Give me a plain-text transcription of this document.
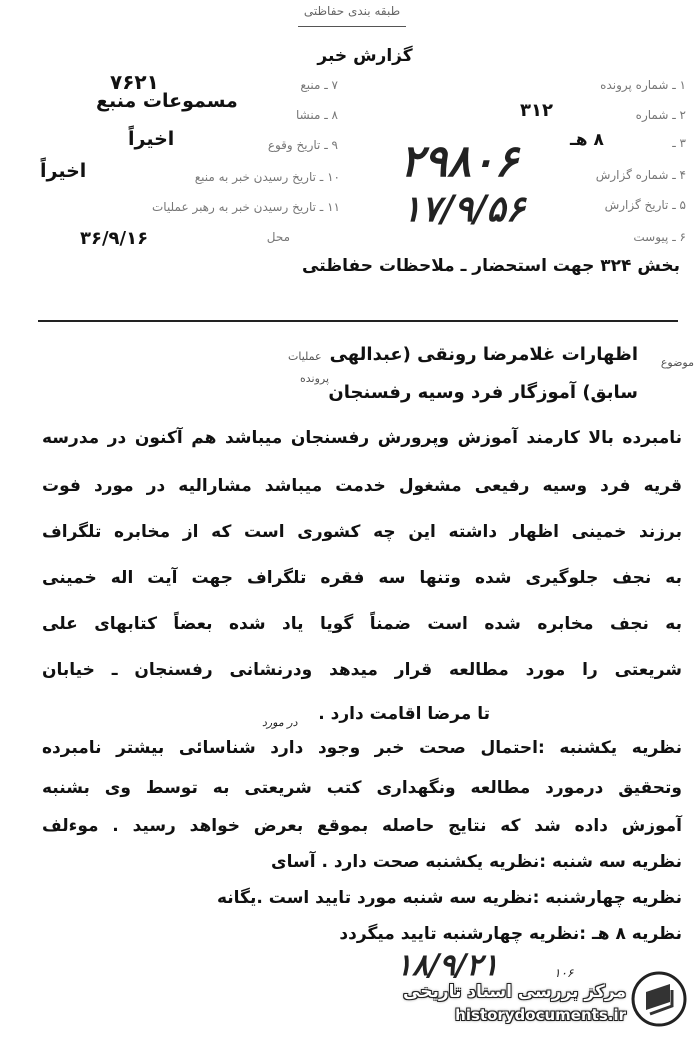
طبقه بندی حفاظتی
گزارش خبر
۱ ـ شماره پرونده
۲ ـ شماره
۳ ـ
۴ ـ شماره گزارش
۵ ـ تاریخ گزارش
۶ ـ پیوست
۳۱۲
۸ هـ
۷ ـ منبع
۸ ـ منشا
۹ ـ تاریخ وقوع
۱۰ ـ تاریخ رسیدن خبر به منبع
۱۱ ـ تاریخ رسیدن خبر به رهبر عملیات
محل
۷۶۲۱
مسموعات منبع
اخیراً
اخیراً
۳۶/۹/۱۶
۲۹۸۰۶
۱۷/۹/۵۶
بخش ۳۲۴ جهت استحضار ـ ملاحظات حفاظتی
موضوع
عملیات
پرونده
اظهارات غلامرضا رونقی (عبدالهی
سابق) آموزگار فرد وسیه رفسنجان
نامبرده بالا کارمند آموزش وپرورش رفسنجان میباشد هم آکنون در مدرسه
قریه فرد وسیه رفیعی مشغول خدمت میباشد مشارالیه در مورد فوت
برزند خمینی اظهار داشته این چه کشوری است که از مخابره تلگراف
به نجف جلوگیری شده وتنها سه فقره تلگراف جهت آیت اله خمینی
به نجف مخابره شده است ضمناً گویا یاد شده بعضاً کتابهای علی
شریعتی را مورد مطالعه قرار میدهد ودرنشانی رفسنجان ـ خیابان
تا مرضا اقامت دارد .
نظریه یکشنبه :احتمال صحت خبر وجود دارد شناسائی بیشتر نامبرده
وتحقیق درمورد مطالعه ونگهداری کتب شریعتی به توسط وی بشنبه
آموزش داده شد که نتایج حاصله بموقع بعرض خواهد رسید . موءلف
نظریه سه شنبه :نظریه یکشنبه صحت دارد . آسای
نظریه چهارشنبه :نظریه سه شنبه مورد تایید است .یگانه
نظریه ۸ هـ :نظریه چهارشنبه تایید میگردد
در مورد
۱۸/۹/۲۱	۱۰۶
مرکز بررسی اسناد تاریخی
historydocuments.ir
